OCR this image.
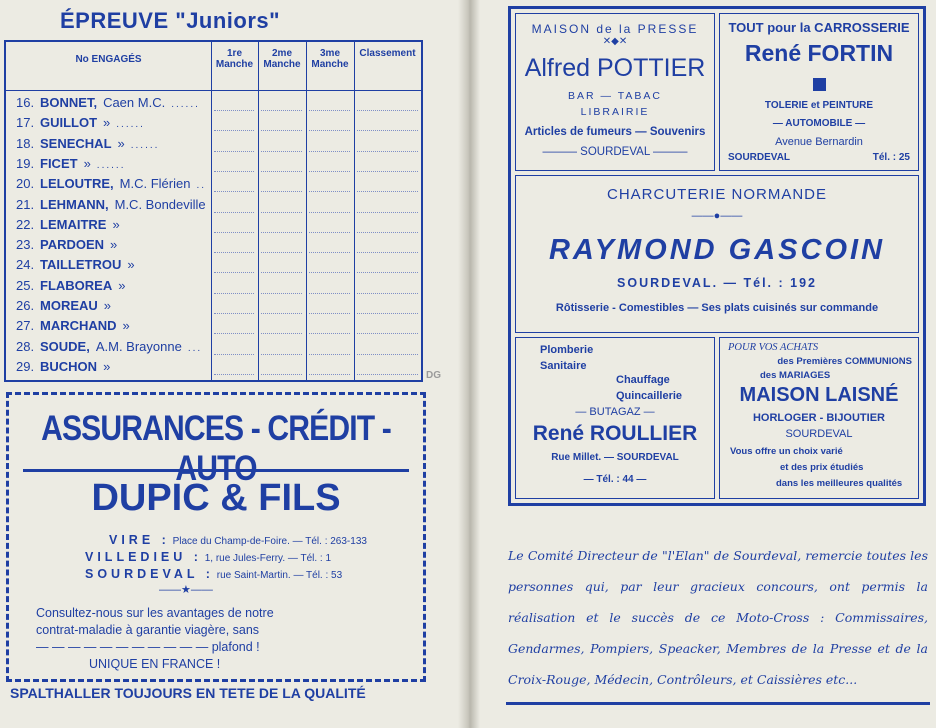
ÉPREUVE "Juniors"
No ENGAGÉS
1re Manche
2me Manche
3me Manche
Classement
16. BONNET, Caen M.C. ......
17. GUILLOT » ......
18. SENECHAL » ......
19. FICET » ......
20. LELOUTRE, M.C. Flérien ..
21. LEHMANN, M.C. Bondeville
22. LEMAITRE »
23. PARDOEN »
24. TAILLETROU »
25. FLABOREA »
26. MOREAU »
27. MARCHAND »
28. SOUDE, A.M. Brayonne ...
29. BUCHON »
ASSURANCES - CRÉDIT - AUTO
DUPIC & FILS
VIRE : Place du Champ-de-Foire. — Tél. : 263-133
VILLEDIEU : 1, rue Jules-Ferry. — Tél. : 1
SOURDEVAL : rue Saint-Martin. — Tél. : 53
——★——
Consultez-nous sur les avantages de notre
contrat-maladie à garantie viagère, sans
— — — — — — — — — — — plafond !
UNIQUE EN FRANCE !
SPALTHALLER TOUJOURS EN TETE DE LA QUALITÉ
DG
MAISON de la PRESSE
✕◆✕
Alfred POTTIER
BAR — TABAC
LIBRAIRIE
Articles de fumeurs — Souvenirs
——— SOURDEVAL ———
TOUT pour la CARROSSERIE
René FORTIN
TOLERIE et PEINTURE
— AUTOMOBILE —
Avenue Bernardin
SOURDEVAL	Tél. : 25
CHARCUTERIE NORMANDE
——●——
RAYMOND GASCOIN
SOURDEVAL. — Tél. : 192
Rôtisserie - Comestibles — Ses plats cuisinés sur commande
Plomberie
Sanitaire
Chauffage
Quincaillerie
— BUTAGAZ —
René ROULLIER
Rue Millet. — SOURDEVAL
— Tél. : 44 —
POUR VOS ACHATS
des Premières COMMUNIONS
des MARIAGES
MAISON LAISNÉ
HORLOGER - BIJOUTIER
SOURDEVAL
Vous offre un choix varié
et des prix étudiés
dans les meilleures qualités
Le Comité Directeur de "l'Elan" de Sourdeval, remercie toutes les personnes qui, par leur gracieux concours, ont permis la réalisation et le succès de ce Moto-Cross : Commissaires, Gendarmes, Pompiers, Speacker, Membres de la Presse et de la Croix-Rouge, Médecin, Contrôleurs, et Caissières etc...
